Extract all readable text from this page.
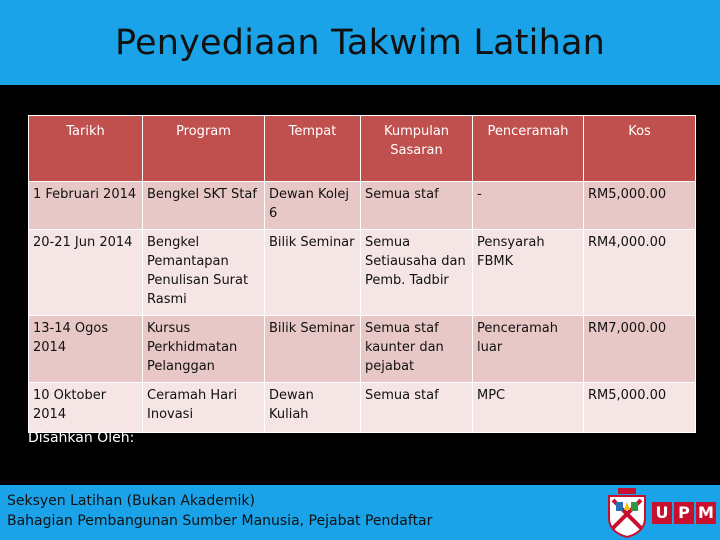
Penyediaan Takwim Latihan
Tarikh	Program	Tempat	Kumpulan Sasaran	Penceramah	Kos
1 Februari 2014	Bengkel SKT Staf	Dewan Kolej 6	Semua staf	-	RM5,000.00
20-21 Jun 2014	Bengkel Pemantapan Penulisan Surat Rasmi	Bilik Seminar	Semua Setiausaha dan Pemb. Tadbir	Pensyarah FBMK	RM4,000.00
13-14 Ogos 2014	Kursus Perkhidmatan Pelanggan	Bilik Seminar	Semua staf kaunter dan pejabat	Penceramah luar	RM7,000.00
10 Oktober 2014	Ceramah Hari Inovasi	Dewan Kuliah	Semua staf	MPC	RM5,000.00
Disahkan Oleh:
Seksyen Latihan (Bukan Akademik)
Bahagian Pembangunan Sumber Manusia, Pejabat Pendaftar	U P M
